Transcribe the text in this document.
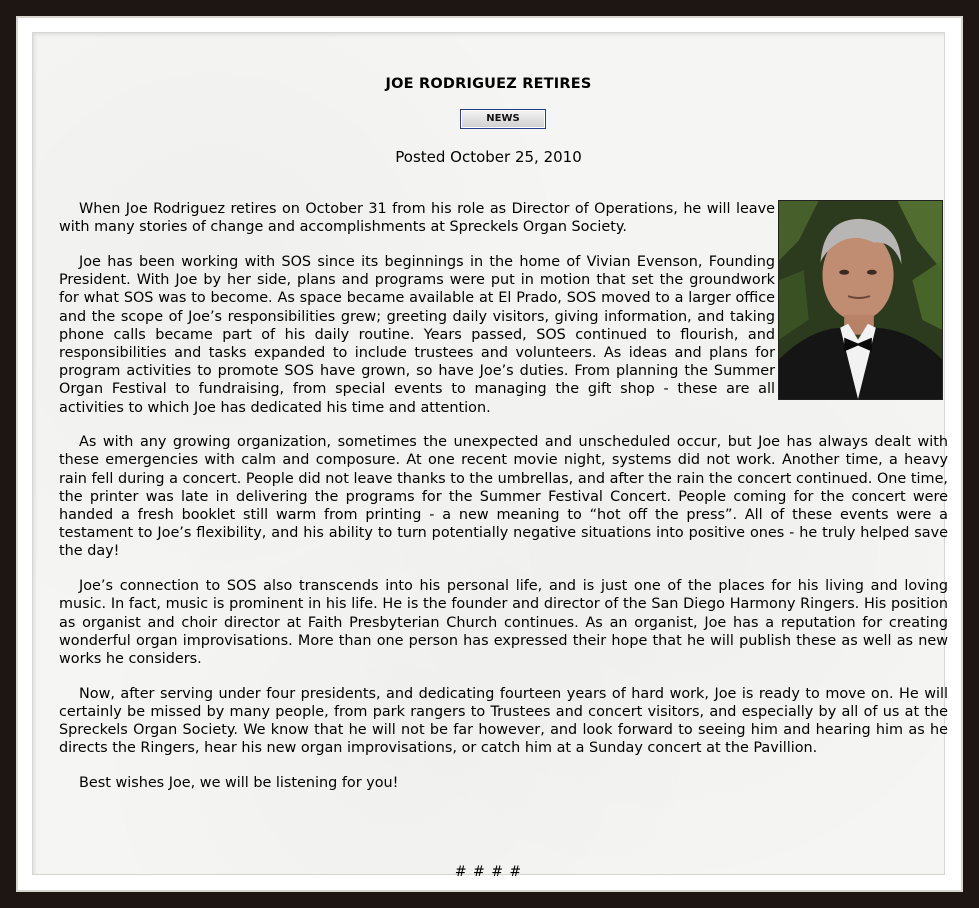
JOE RODRIGUEZ RETIRES
NEWS
Posted October 25, 2010

When Joe Rodriguez retires on October 31 from his role as Director of Operations, he will leave with many stories of change and accomplishments at Spreckels Organ Society.

Joe has been working with SOS since its beginnings in the home of Vivian Evenson, Founding President. With Joe by her side, plans and programs were put in motion that set the groundwork for what SOS was to become. As space became available at El Prado, SOS moved to a larger office and the scope of Joe’s responsibilities grew; greeting daily visitors, giving information, and taking phone calls became part of his daily routine. Years passed, SOS continued to flourish, and responsibilities and tasks expanded to include trustees and volunteers. As ideas and plans for program activities to promote SOS have grown, so have Joe’s duties. From planning the Summer Organ Festival to fundraising, from special events to managing the gift shop - these are all activities to which Joe has dedicated his time and attention.

As with any growing organization, sometimes the unexpected and unscheduled occur, but Joe has always dealt with these emergencies with calm and composure. At one recent movie night, systems did not work. Another time, a heavy rain fell during a concert. People did not leave thanks to the umbrellas, and after the rain the concert continued. One time, the printer was late in delivering the programs for the Summer Festival Concert. People coming for the concert were handed a fresh booklet still warm from printing - a new meaning to “hot off the press”. All of these events were a testament to Joe’s flexibility, and his ability to turn potentially negative situations into positive ones - he truly helped save the day!

Joe’s connection to SOS also transcends into his personal life, and is just one of the places for his living and loving music. In fact, music is prominent in his life. He is the founder and director of the San Diego Harmony Ringers. His position as organist and choir director at Faith Presbyterian Church continues. As an organist, Joe has a reputation for creating wonderful organ improvisations. More than one person has expressed their hope that he will publish these as well as new works he considers.

Now, after serving under four presidents, and dedicating fourteen years of hard work, Joe is ready to move on. He will certainly be missed by many people, from park rangers to Trustees and concert visitors, and especially by all of us at the Spreckels Organ Society. We know that he will not be far however, and look forward to seeing him and hearing him as he directs the Ringers, hear his new organ improvisations, or catch him at a Sunday concert at the Pavillion.

Best wishes Joe, we will be listening for you!

# # # #
